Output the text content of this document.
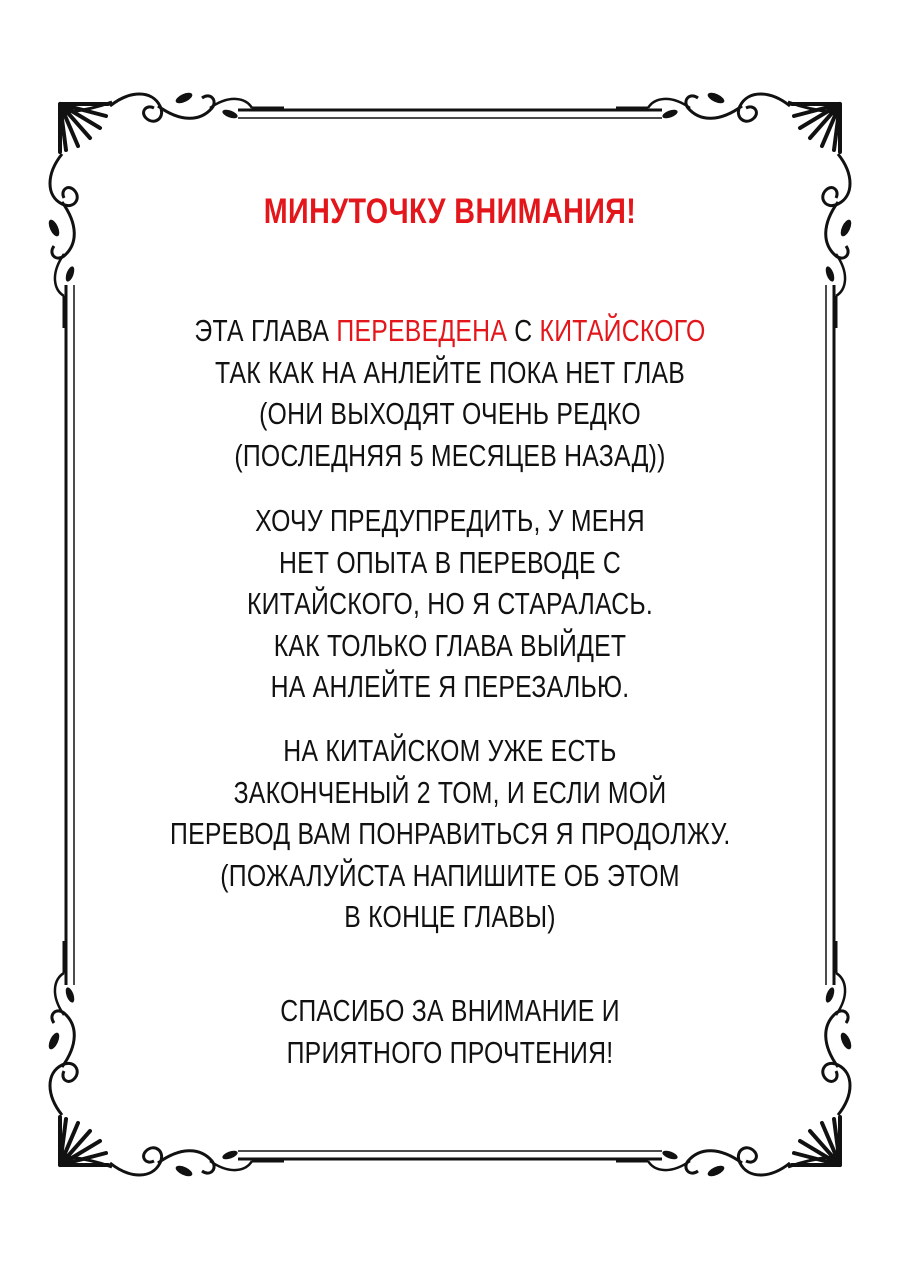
МИНУТОЧКУ ВНИМАНИЯ!
ЭТА ГЛАВА ПЕРЕВЕДЕНА С КИТАЙСКОГО
ТАК КАК НА АНЛЕЙТЕ ПОКА НЕТ ГЛАВ
(ОНИ ВЫХОДЯТ ОЧЕНЬ РЕДКО
(ПОСЛЕДНЯЯ 5 МЕСЯЦЕВ НАЗАД))
ХОЧУ ПРЕДУПРЕДИТЬ, У МЕНЯ
НЕТ ОПЫТА В ПЕРЕВОДЕ С
КИТАЙСКОГО, НО Я СТАРАЛАСЬ.
КАК ТОЛЬКО ГЛАВА ВЫЙДЕТ
НА АНЛЕЙТЕ Я ПЕРЕЗАЛЬЮ.
НА КИТАЙСКОМ УЖЕ ЕСТЬ
ЗАКОНЧЕНЫЙ 2 ТОМ, И ЕСЛИ МОЙ
ПЕРЕВОД ВАМ ПОНРАВИТЬСЯ Я ПРОДОЛЖУ.
(ПОЖАЛУЙСТА НАПИШИТЕ ОБ ЭТОМ
В КОНЦЕ ГЛАВЫ)
СПАСИБО ЗА ВНИМАНИЕ И
ПРИЯТНОГО ПРОЧТЕНИЯ!
